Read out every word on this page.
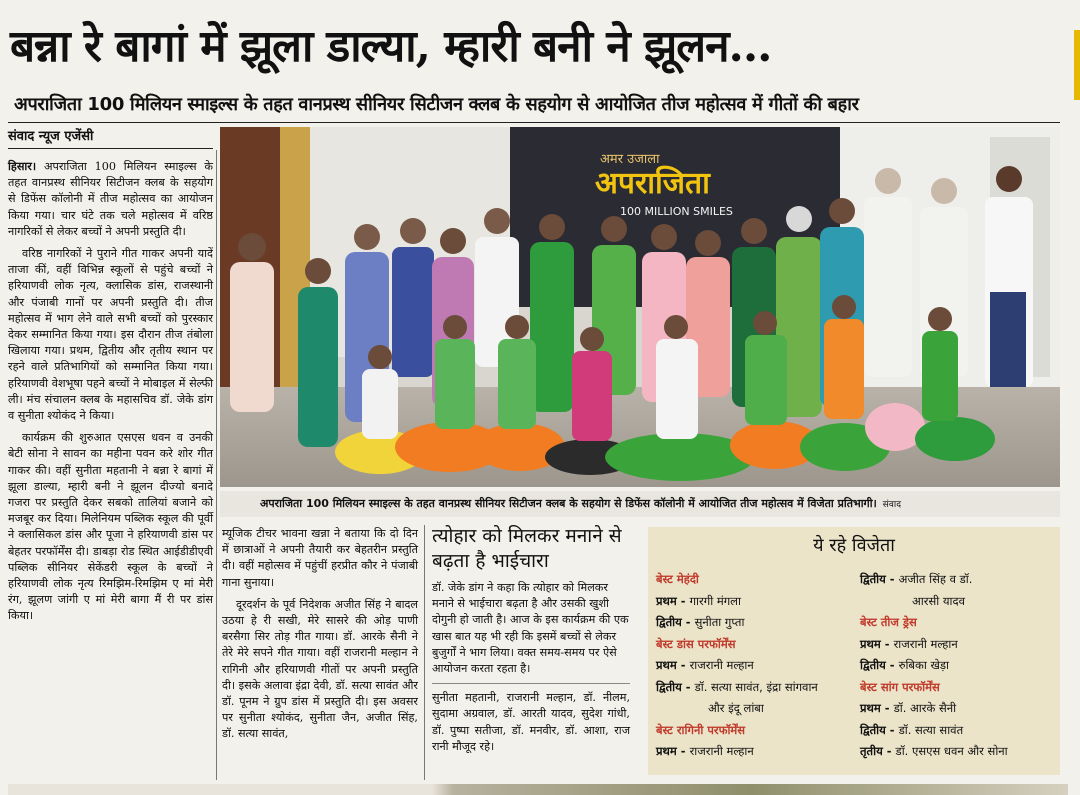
बन्ना रे बागां में झूला डाल्या, म्हारी बनी ने झूलन...
अपराजिता 100 मिलियन स्माइल्स के तहत वानप्रस्थ सीनियर सिटीजन क्लब के सहयोग से आयोजित तीज महोत्सव में गीतों की बहार
संवाद न्यूज एजेंसी

हिसार। अपराजिता 100 मिलियन स्माइल्स के तहत वानप्रस्थ सीनियर सिटीजन क्लब के सहयोग से डिफेंस कॉलोनी में तीज महोत्सव का आयोजन किया गया। चार घंटे तक चले महोत्सव में वरिष्ठ नागरिकों से लेकर बच्चों ने अपनी प्रस्तुति दी।

वरिष्ठ नागरिकों ने पुराने गीत गाकर अपनी यादें ताजा कीं, वहीं विभिन्न स्कूलों से पहुंचे बच्चों ने हरियाणवी लोक नृत्य, क्लासिक डांस, राजस्थानी और पंजाबी गानों पर अपनी प्रस्तुति दी। तीज महोत्सव में भाग लेने वाले सभी बच्चों को पुरस्कार देकर सम्मानित किया गया। इस दौरान तीज तंबोला खिलाया गया। प्रथम, द्वितीय और तृतीय स्थान पर रहने वाले प्रतिभागियों को सम्मानित किया गया। हरियाणवी वेशभूषा पहने बच्चों ने मोबाइल में सेल्फी ली। मंच संचालन क्लब के महासचिव डॉ. जेके डांग व सुनीता श्योकंद ने किया।

कार्यक्रम की शुरुआत एसएस धवन व उनकी बेटी सोना ने सावन का महीना पवन करे शोर गीत गाकर की। वहीं सुनीता महतानी ने बन्ना रे बागां में झूला डाल्या, म्हारी बनी ने झूलन दीज्यो बनादे गजरा पर प्रस्तुति देकर सबको तालियां बजाने को मजबूर कर दिया। मिलेनियम पब्लिक स्कूल की पूर्वी ने क्लासिकल डांस और पूजा ने हरियाणवी डांस पर बेहतर परफॉर्मेंस दी। डाबड़ा रोड स्थित आईडीडीएवी पब्लिक सीनियर सेकेंडरी स्कूल के बच्चों ने हरियाणवी लोक नृत्य रिमझिम-रिमझिम ए मां मेरी रंग, झूलण जांगी ए मां मेरी बागा मैं री पर डांस किया।

अमर उजाला
अपराजिता
100 MILLION SMILES
अपराजिता 100 मिलियन स्माइल्स के तहत वानप्रस्थ सीनियर सिटीजन क्लब के सहयोग से डिफेंस कॉलोनी में आयोजित तीज महोत्सव में विजेता प्रतिभागी। संवाद

म्यूजिक टीचर भावना खन्ना ने बताया कि दो दिन में छात्राओं ने अपनी तैयारी कर बेहतरीन प्रस्तुति दी। वहीं महोत्सव में पहुंचीं हरप्रीत कौर ने पंजाबी गाना सुनाया।

दूरदर्शन के पूर्व निदेशक अजीत सिंह ने बादल उठया हे री सखी, मेरे सासरे की ओड़ पाणी बरसैगा सिर तोड़ गीत गाया। डॉ. आरके सैनी ने तेरे मेरे सपने गीत गाया। वहीं राजरानी मल्हान ने रागिनी और हरियाणवी गीतों पर अपनी प्रस्तुति दी। इसके अलावा इंद्रा देवी, डॉ. सत्या सावंत और डॉ. पूनम ने ग्रुप डांस में प्रस्तुति दी। इस अवसर पर सुनीता श्योकंद, सुनीता जैन, अजीत सिंह, डॉ. सत्या सावंत,

त्योहार को मिलकर मनाने से बढ़ता है भाईचारा

डॉ. जेके डांग ने कहा कि त्योहार को मिलकर मनाने से भाईचारा बढ़ता है और उसकी खुशी दोगुनी हो जाती है। आज के इस कार्यक्रम की एक खास बात यह भी रही कि इसमें बच्चों से लेकर बुजुर्गों ने भाग लिया। वक्त समय-समय पर ऐसे आयोजन करता रहता है।

सुनीता महतानी, राजरानी मल्हान, डॉ. नीलम, सुदामा अग्रवाल, डॉ. आरती यादव, सुदेश गांधी, डॉ. पुष्पा सतीजा, डॉ. मनवीर, डॉ. आशा, राज रानी मौजूद रहे।

ये रहे विजेता
बेस्ट मेहंदी
प्रथम - गारगी मंगला
द्वितीय - सुनीता गुप्ता
बेस्ट डांस परफॉर्मेंस
प्रथम - राजरानी मल्हान
द्वितीय - डॉ. सत्या सावंत, इंद्रा सांगवान
और इंदू लांबा
बेस्ट रागिनी परफॉर्मेंस
प्रथम - राजरानी मल्हान
द्वितीय - अजीत सिंह व डॉ.
आरसी यादव
बेस्ट तीज ड्रेस
प्रथम - राजरानी मल्हान
द्वितीय - रुबिका खेड़ा
बेस्ट सांग परफॉर्मेंस
प्रथम - डॉ. आरके सैनी
द्वितीय - डॉ. सत्या सावंत
तृतीय - डॉ. एसएस धवन और सोना
